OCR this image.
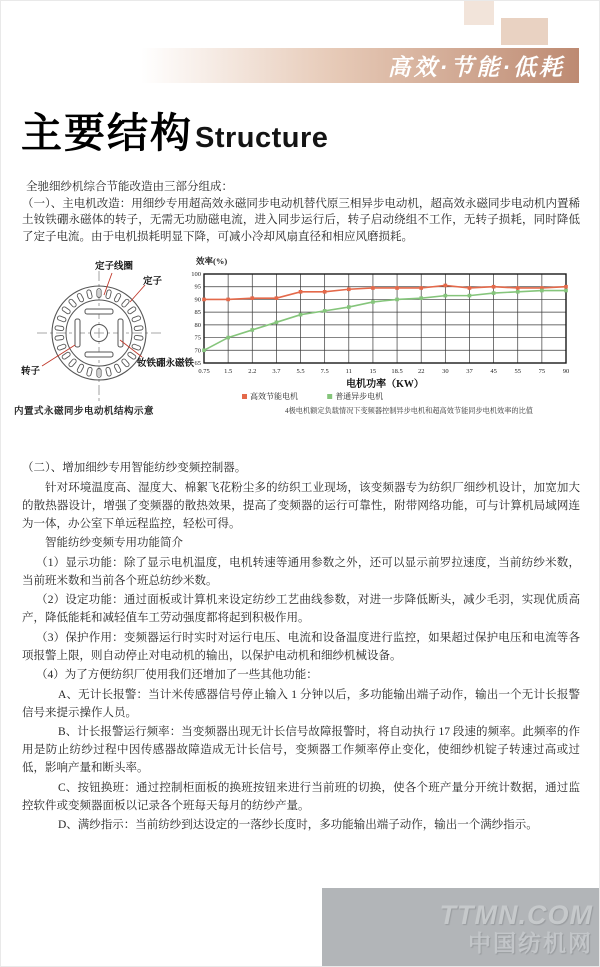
高效·节能·低耗
主要结构 Structure

全驰细纱机综合节能改造由三部分组成：

（一）、主电机改造：用细纱专用超高效永磁同步电动机替代原三相异步电动机，超高效永磁同步电动机内置稀土钕铁硼永磁体的转子，无需无功励磁电流，进入同步运行后，转子启动绕组不工作，无转子损耗，同时降低了定子电流。由于电机损耗明显下降，可减小冷却风扇直径和相应风磨损耗。

定子线圈
定子
转子
钕铁硼永磁铁
内置式永磁同步电动机结构示意
效率(%)
65
70
75
80
85
90
95
100
0.75 1.5 2.2 3.7 5.5 7.5	11	15 18.5 22	30	37	45	55	75	90
电机功率（KW）
高效节能电机	普通异步电机
4极电机额定负载情况下变频器控制异步电机和超高效节能同步电机效率的比值

（二）、增加细纱专用智能纺纱变频控制器。

针对环境温度高、湿度大、棉絮飞花粉尘多的纺织工业现场，该变频器专为纺织厂细纱机设计，加宽加大的散热器设计，增强了变频器的散热效果，提高了变频器的运行可靠性，附带网络功能，可与计算机局域网连为一体，办公室下单远程监控，轻松可得。

智能纺纱变频专用功能简介

（1）显示功能：除了显示电机温度，电机转速等通用参数之外，还可以显示前罗拉速度，当前纺纱米数，当前班米数和当前各个班总纺纱米数。

（2）设定功能：通过面板或计算机来设定纺纱工艺曲线参数，对进一步降低断头，减少毛羽，实现优质高产，降低能耗和减轻值车工劳动强度都将起到积极作用。

（3）保护作用：变频器运行时实时对运行电压、电流和设备温度进行监控，如果超过保护电压和电流等各项报警上限，则自动停止对电动机的输出，以保护电动机和细纱机械设备。

（4）为了方便纺织厂使用我们还增加了一些其他功能：

A、无计长报警：当计米传感器信号停止输入 1 分钟以后，多功能输出端子动作，输出一个无计长报警信号来提示操作人员。

B、计长报警运行频率：当变频器出现无计长信号故障报警时，将自动执行 17 段速的频率。此频率的作用是防止纺纱过程中因传感器故障造成无计长信号，变频器工作频率停止变化，使细纱机锭子转速过高或过低，影响产量和断头率。

C、按钮换班：通过控制柜面板的换班按钮来进行当前班的切换，使各个班产量分开统计数据，通过监控软件或变频器面板以记录各个班每天每月的纺纱产量。

D、满纱指示：当前纺纱到达设定的一落纱长度时，多功能输出端子动作，输出一个满纱指示。

TTMN.COM
中国纺机网
